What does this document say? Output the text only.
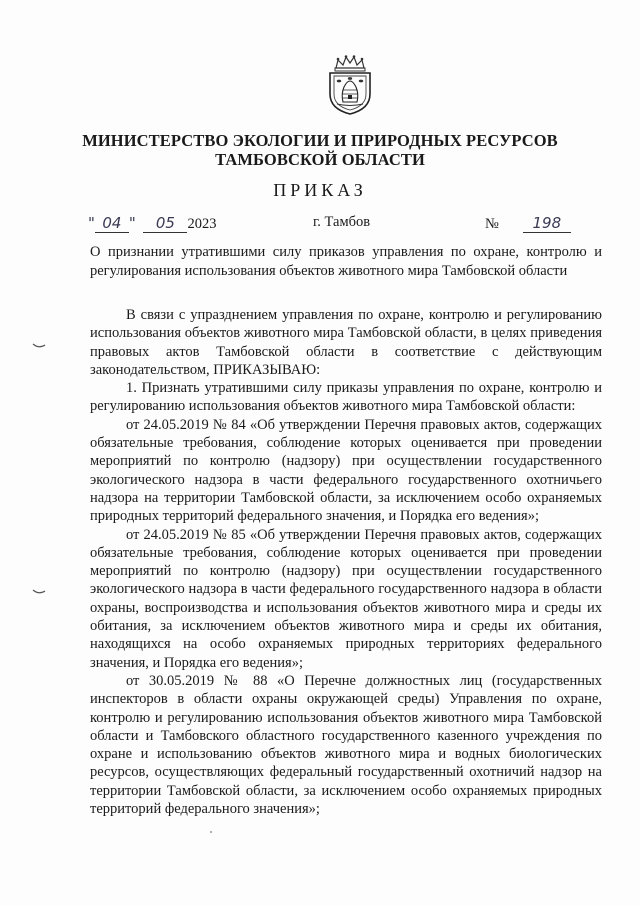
МИНИСТЕРСТВО ЭКОЛОГИИ И ПРИРОДНЫХ РЕСУРСОВ
ТАМБОВСКОЙ ОБЛАСТИ
ПРИКАЗ
" 04 " 05 2023	г. Тамбов	№ 198
О признании утратившими силу приказов управления по охране, контролю и регулирования использования объектов животного мира Тамбовской области

В связи с упразднением управления по охране, контролю и регулированию использования объектов животного мира Тамбовской области, в целях приведения правовых актов Тамбовской области в соответствие с действующим законодательством, ПРИКАЗЫВАЮ:

1. Признать утратившими силу приказы управления по охране, контролю и регулированию использования объектов животного мира Тамбовской области:

от 24.05.2019 № 84 «Об утверждении Перечня правовых актов, содержащих обязательные требования, соблюдение которых оценивается при проведении мероприятий по контролю (надзору) при осуществлении государственного экологического надзора в части федерального государственного охотничьего надзора на территории Тамбовской области, за исключением особо охраняемых природных территорий федерального значения, и Порядка его ведения»;

от 24.05.2019 № 85 «Об утверждении Перечня правовых актов, содержащих обязательные требования, соблюдение которых оценивается при проведении мероприятий по контролю (надзору) при осуществлении государственного экологического надзора в части федерального государственного надзора в области охраны, воспроизводства и использования объектов животного мира и среды их обитания, за исключением объектов животного мира и среды их обитания, находящихся на особо охраняемых природных территориях федерального значения, и Порядка его ведения»;

от 30.05.2019 № 88 «О Перечне должностных лиц (государственных инспекторов в области охраны окружающей среды) Управления по охране, контролю и регулированию использования объектов животного мира Тамбовской области и Тамбовского областного государственного казенного учреждения по охране и использованию объектов животного мира и водных биологических ресурсов, осуществляющих федеральный государственный охотничий надзор на территории Тамбовской области, за исключением особо охраняемых природных территорий федерального значения»;
